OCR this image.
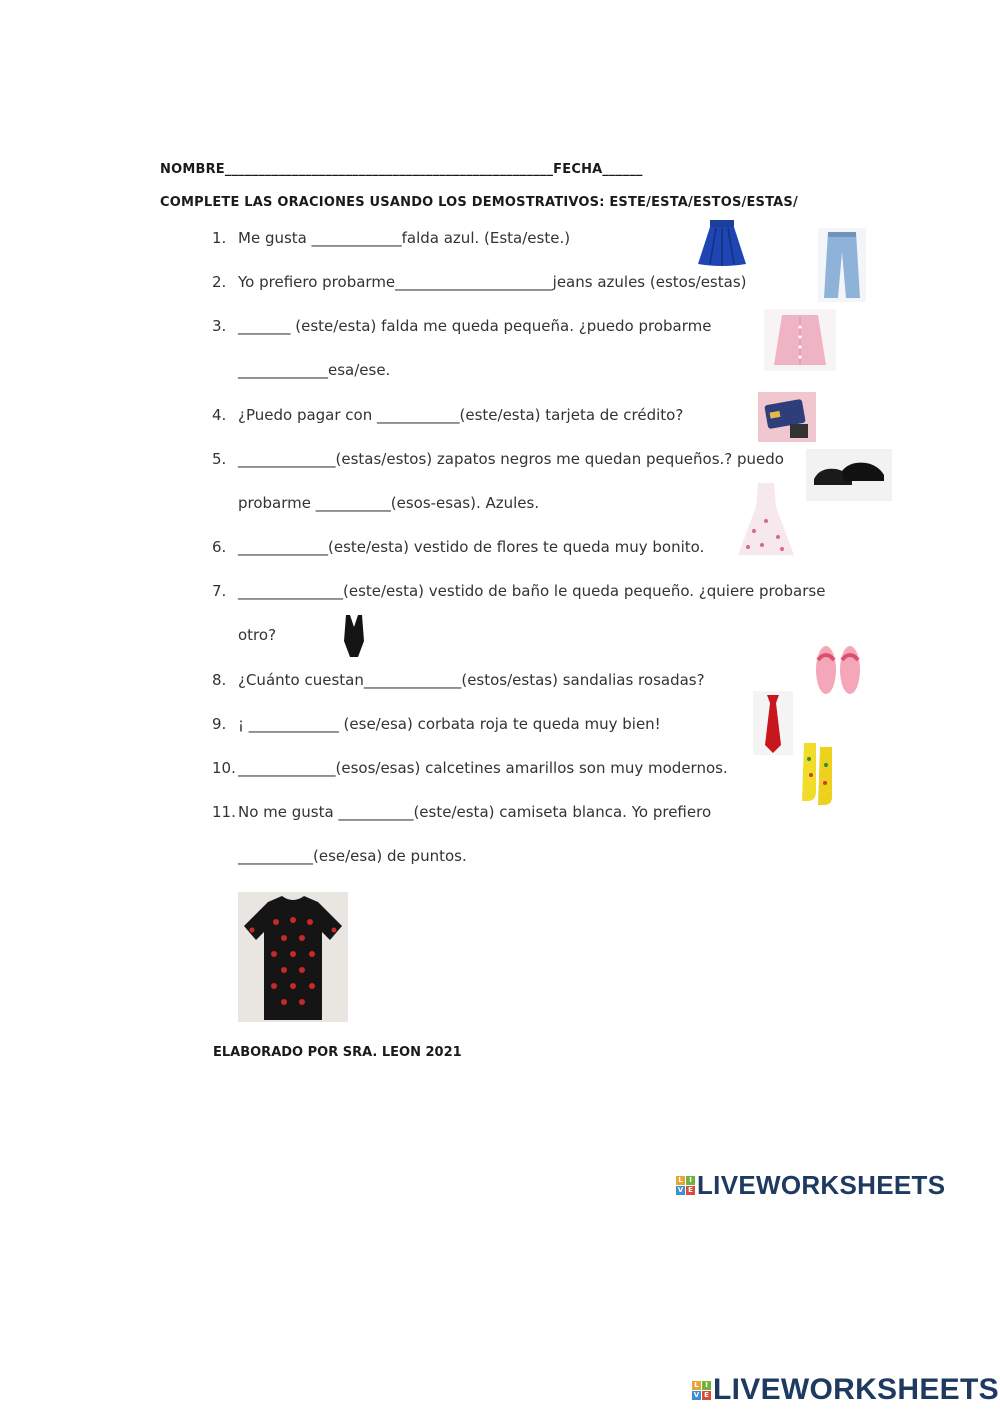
NOMBRE_________________________________________________FECHA______
COMPLETE LAS ORACIONES USANDO LOS DEMOSTRATIVOS: ESTE/ESTA/ESTOS/ESTAS/
1. Me gusta ____________falda azul. (Esta/este.)
2. Yo prefiero probarme_____________________jeans azules (estos/estas)
3. _______ (este/esta) falda me queda pequeña. ¿puedo probarme
____________esa/ese.
4. ¿Puedo pagar con ___________(este/esta) tarjeta de crédito?
5. _____________(estas/estos) zapatos negros me quedan pequeños.? puedo
probarme __________(esos-esas). Azules.
6. ____________(este/esta) vestido de flores te queda muy bonito.
7. ______________(este/esta) vestido de baño le queda pequeño. ¿quiere probarse
otro?
8. ¿Cuánto cuestan_____________(estos/estas) sandalias rosadas?
9. ¡ ____________ (ese/esa) corbata roja te queda muy bien!
10. _____________(esos/esas) calcetines amarillos son muy modernos.
11. No me gusta __________(este/esta) camiseta blanca. Yo prefiero
__________(ese/esa) de puntos.
ELABORADO POR SRA. LEON 2021
L I
V E LIVEWORKSHEETS
L I
V E LIVEWORKSHEETS
